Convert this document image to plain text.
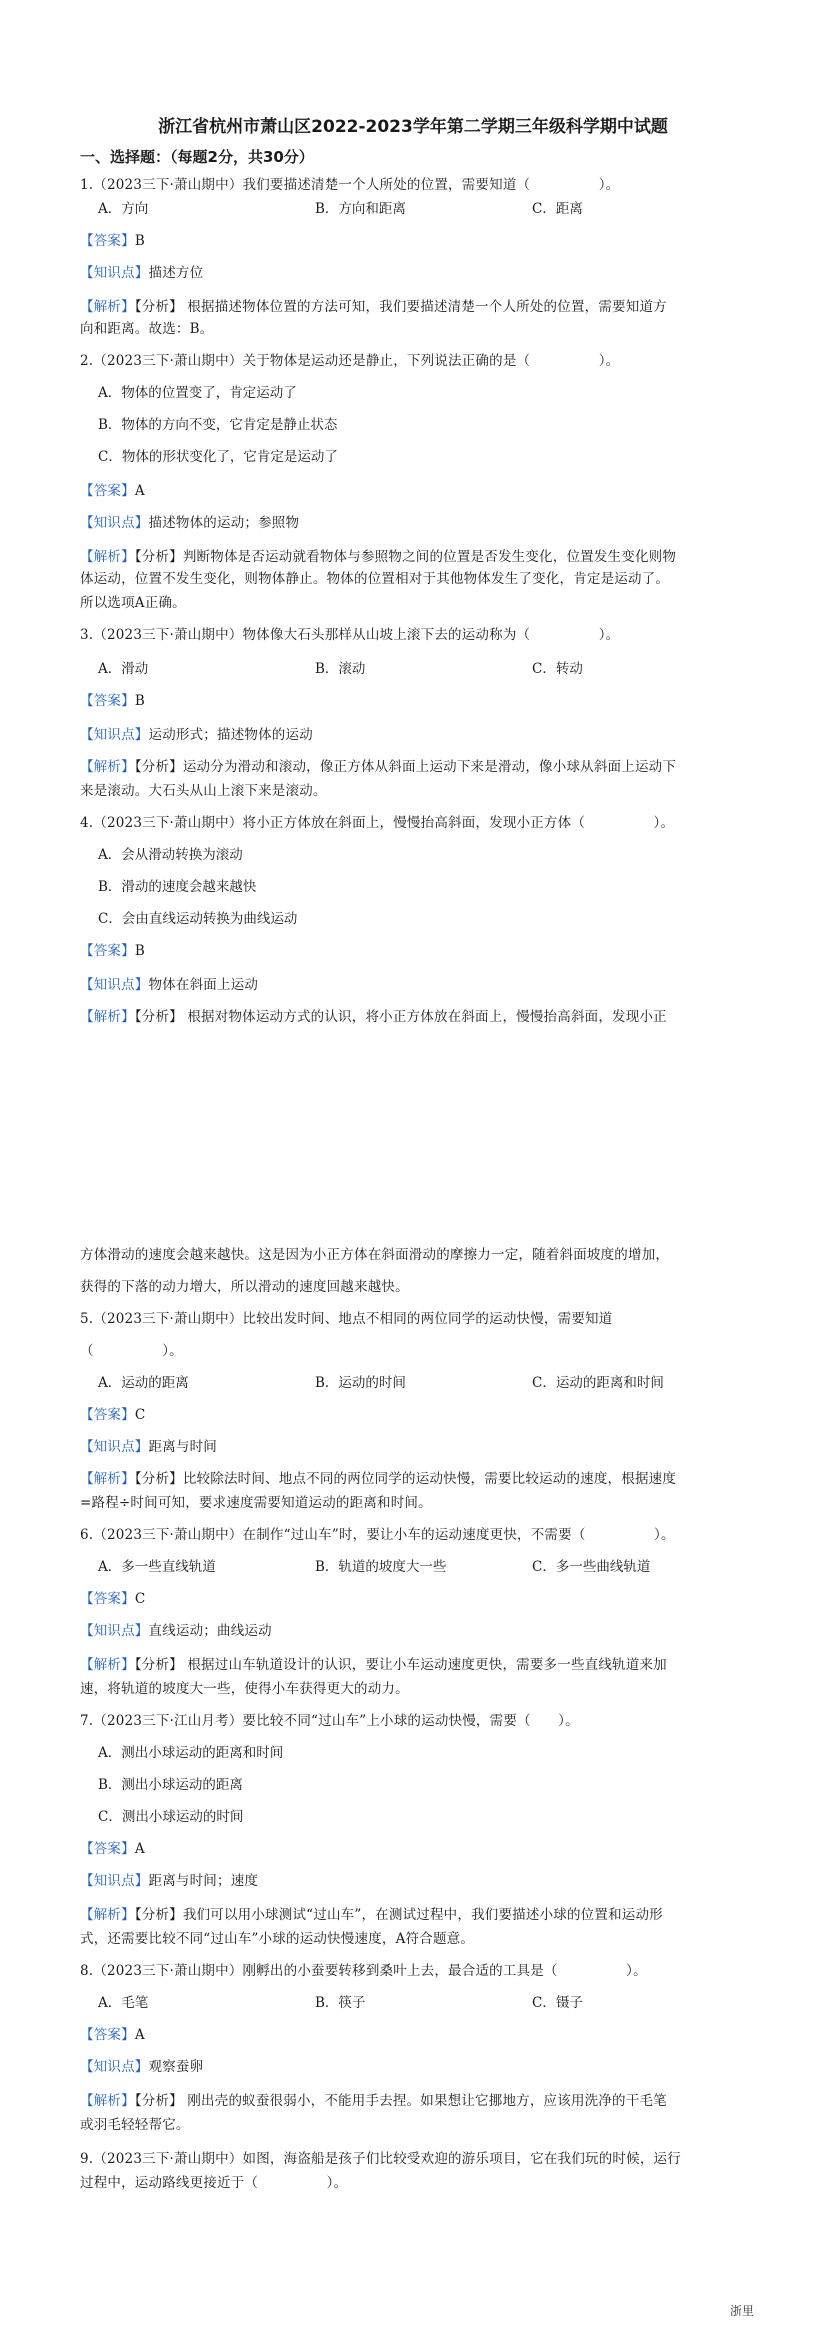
浙江省杭州市萧山区2022-2023学年第二学期三年级科学期中试题
一、选择题：（每题2分，共30分）
1.（2023三下·萧山期中）我们要描述清楚一个人所处的位置，需要知道（　　　　　）。
A．方向	B．方向和距离	C．距离
【答案】B
【知识点】描述方位
【解析】【分析】 根据描述物体位置的方法可知，我们要描述清楚一个人所处的位置，需要知道方
向和距离。故选：B。
2.（2023三下·萧山期中）关于物体是运动还是静止，下列说法正确的是（　　　　　）。
A．物体的位置变了，肯定运动了
B．物体的方向不变，它肯定是静止状态
C．物体的形状变化了，它肯定是运动了
【答案】A
【知识点】描述物体的运动；参照物
【解析】【分析】判断物体是否运动就看物体与参照物之间的位置是否发生变化，位置发生变化则物
体运动，位置不发生变化，则物体静止。物体的位置相对于其他物体发生了变化，肯定是运动了。
所以选项A正确。
3.（2023三下·萧山期中）物体像大石头那样从山坡上滚下去的运动称为（　　　　　）。
A．滑动	B．滚动	C．转动
【答案】B
【知识点】运动形式；描述物体的运动
【解析】【分析】运动分为滑动和滚动，像正方体从斜面上运动下来是滑动，像小球从斜面上运动下
来是滚动。大石头从山上滚下来是滚动。
4.（2023三下·萧山期中）将小正方体放在斜面上，慢慢抬高斜面，发现小正方体（　　　　　）。
A．会从滑动转换为滚动
B．滑动的速度会越来越快
C．会由直线运动转换为曲线运动
【答案】B
【知识点】物体在斜面上运动
【解析】【分析】 根据对物体运动方式的认识，将小正方体放在斜面上，慢慢抬高斜面，发现小正
方体滑动的速度会越来越快。这是因为小正方体在斜面滑动的摩擦力一定，随着斜面坡度的增加，
获得的下落的动力增大，所以滑动的速度回越来越快。
5.（2023三下·萧山期中）比较出发时间、地点不相同的两位同学的运动快慢，需要知道
（　　　　　）。
A．运动的距离	B．运动的时间	C．运动的距离和时间
【答案】C
【知识点】距离与时间
【解析】【分析】比较除法时间、地点不同的两位同学的运动快慢，需要比较运动的速度，根据速度
=路程÷时间可知，要求速度需要知道运动的距离和时间。
6.（2023三下·萧山期中）在制作“过山车”时，要让小车的运动速度更快，不需要（　　　　　）。
A．多一些直线轨道	B．轨道的坡度大一些	C．多一些曲线轨道
【答案】C
【知识点】直线运动；曲线运动
【解析】【分析】 根据过山车轨道设计的认识，要让小车运动速度更快，需要多一些直线轨道来加
速，将轨道的坡度大一些，使得小车获得更大的动力。
7.（2023三下·江山月考）要比较不同“过山车”上小球的运动快慢，需要（　　）。
A．测出小球运动的距离和时间
B．测出小球运动的距离
C．测出小球运动的时间
【答案】A
【知识点】距离与时间；速度
【解析】【分析】我们可以用小球测试“过山车”，在测试过程中，我们要描述小球的位置和运动形
式，还需要比较不同“过山车”小球的运动快慢速度，A符合题意。
8.（2023三下·萧山期中）刚孵出的小蚕要转移到桑叶上去，最合适的工具是（　　　　　）。
A．毛笔	B．筷子	C．镊子
【答案】A
【知识点】观察蚕卵
【解析】【分析】 刚出壳的蚁蚕很弱小，不能用手去捏。如果想让它挪地方，应该用洗净的干毛笔
或羽毛轻轻帮它。
9.（2023三下·萧山期中）如图，海盗船是孩子们比较受欢迎的游乐项目，它在我们玩的时候，运行
过程中，运动路线更接近于（　　　　　）。
浙里
